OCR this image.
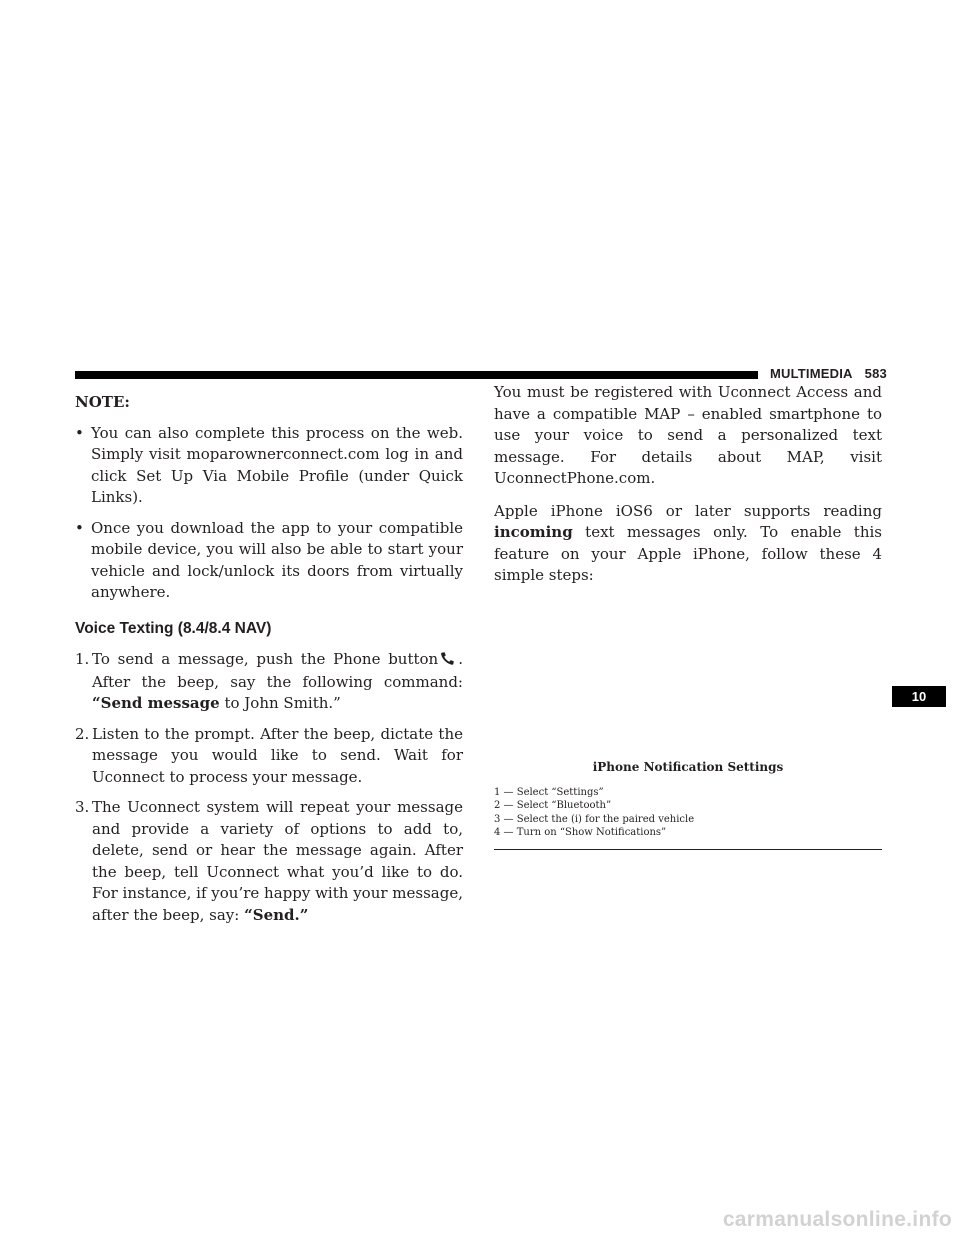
MULTIMEDIA 583
NOTE:
• You can also complete this process on the web. Simply visit moparownerconnect.com log in and click Set Up Via Mobile Profile (under Quick Links).
• Once you download the app to your compatible mobile device, you will also be able to start your vehicle and lock/unlock its doors from virtually anywhere.
Voice Texting (8.4/8.4 NAV)
1. To send a message, push the Phone button . After the beep, say the following command: “Send message to John Smith.”
2. Listen to the prompt. After the beep, dictate the message you would like to send. Wait for Uconnect to process your message.
3. The Uconnect system will repeat your message and provide a variety of options to add to, delete, send or hear the message again. After the beep, tell Uconnect what you’d like to do. For instance, if you’re happy with your message, after the beep, say: “Send.”

You must be registered with Uconnect Access and have a compatible MAP – enabled smartphone to use your voice to send a personalized text message. For details about MAP, visit UconnectPhone.com.

Apple iPhone iOS6 or later supports reading incoming text messages only. To enable this feature on your Apple iPhone, follow these 4 simple steps:

iPhone Notification Settings
1 — Select “Settings”
2 — Select “Bluetooth”
3 — Select the (i) for the paired vehicle
4 — Turn on “Show Notifications”
10
carmanualsonline.info
